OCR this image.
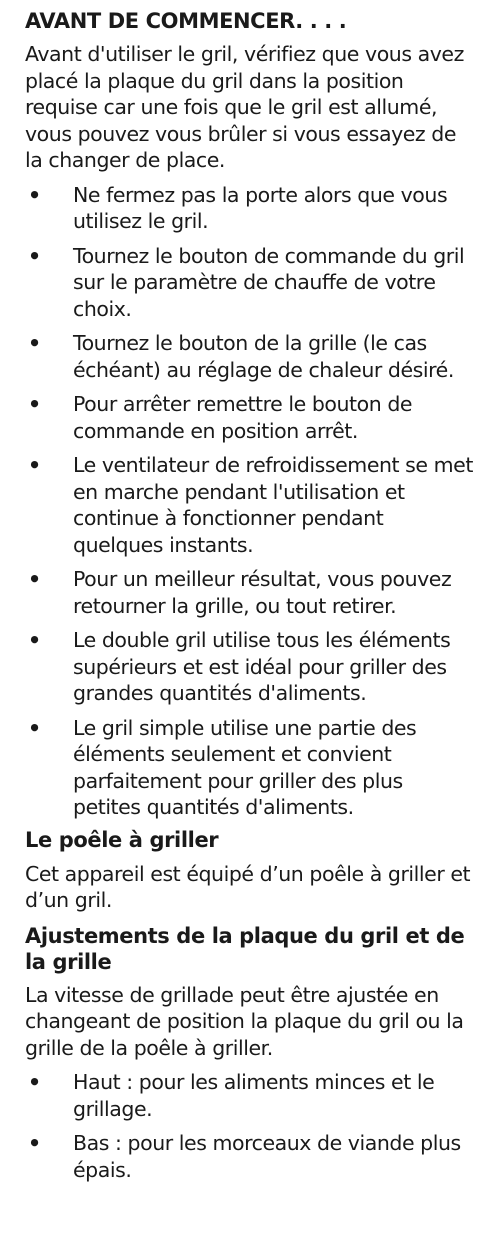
AVANT DE COMMENCER. . . .

Avant d'utiliser le gril, vérifiez que vous avez placé la plaque du gril dans la position requise car une fois que le gril est allumé, vous pouvez vous brûler si vous essayez de la changer de place.

• Ne fermez pas la porte alors que vous utilisez le gril.
• Tournez le bouton de commande du gril sur le paramètre de chauffe de votre choix.
• Tournez le bouton de la grille (le cas échéant) au réglage de chaleur désiré.
• Pour arrêter remettre le bouton de commande en position arrêt.
• Le ventilateur de refroidissement se met en marche pendant l'utilisation et continue à fonctionner pendant quelques instants.
• Pour un meilleur résultat, vous pouvez retourner la grille, ou tout retirer.
• Le double gril utilise tous les éléments supérieurs et est idéal pour griller des grandes quantités d'aliments.
• Le gril simple utilise une partie des éléments seulement et convient parfaitement pour griller des plus petites quantités d'aliments.
Le poêle à griller

Cet appareil est équipé d’un poêle à griller et d’un gril.

Ajustements de la plaque du gril et de la grille

La vitesse de grillade peut être ajustée en changeant de position la plaque du gril ou la grille de la poêle à griller.

• Haut : pour les aliments minces et le grillage.
• Bas : pour les morceaux de viande plus épais.
